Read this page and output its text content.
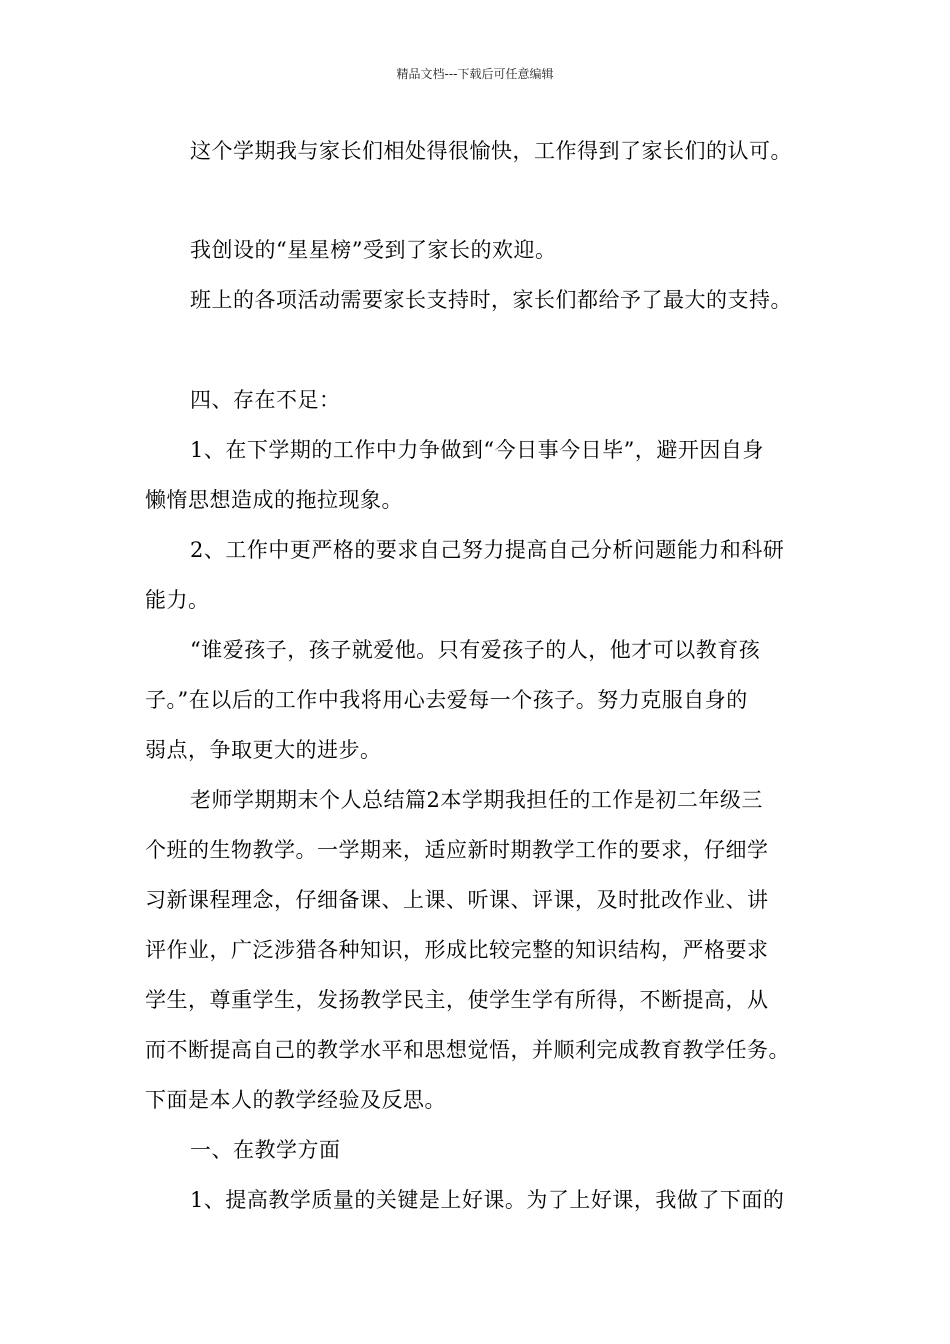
精品文档---下载后可任意编辑
这个学期我与家长们相处得很愉快，工作得到了家长们的认可。
我创设的“星星榜”受到了家长的欢迎。
班上的各项活动需要家长支持时，家长们都给予了最大的支持。
四、存在不足：
1、在下学期的工作中力争做到“今日事今日毕”，避开因自身
懒惰思想造成的拖拉现象。
2、工作中更严格的要求自己努力提高自己分析问题能力和科研
能力。
“谁爱孩子，孩子就爱他。只有爱孩子的人，他才可以教育孩
子。”在以后的工作中我将用心去爱每一个孩子。努力克服自身的
弱点，争取更大的进步。
老师学期期末个人总结篇2本学期我担任的工作是初二年级三
个班的生物教学。一学期来，适应新时期教学工作的要求，仔细学
习新课程理念，仔细备课、上课、听课、评课，及时批改作业、讲
评作业，广泛涉猎各种知识，形成比较完整的知识结构，严格要求
学生，尊重学生，发扬教学民主，使学生学有所得，不断提高，从
而不断提高自己的教学水平和思想觉悟，并顺利完成教育教学任务。
下面是本人的教学经验及反思。
一、在教学方面
1、提高教学质量的关键是上好课。为了上好课，我做了下面的
